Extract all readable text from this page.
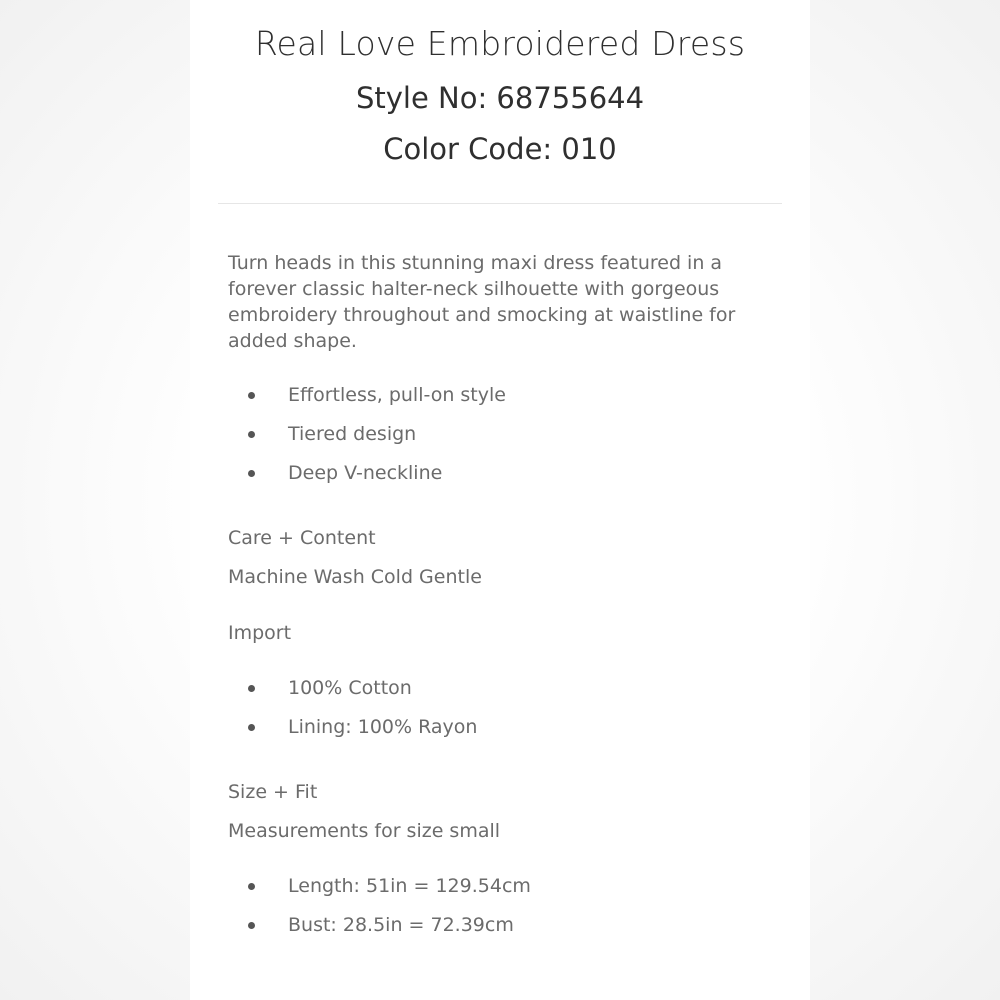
Real Love Embroidered Dress
Style No: 68755644
Color Code: 010

Turn heads in this stunning maxi dress featured in a forever classic halter-neck silhouette with gorgeous embroidery throughout and smocking at waistline for added shape.

Effortless, pull-on style
Tiered design
Deep V-neckline
Care + Content
Machine Wash Cold Gentle
Import
100% Cotton
Lining: 100% Rayon
Size + Fit
Measurements for size small
Length: 51in = 129.54cm
Bust: 28.5in = 72.39cm
